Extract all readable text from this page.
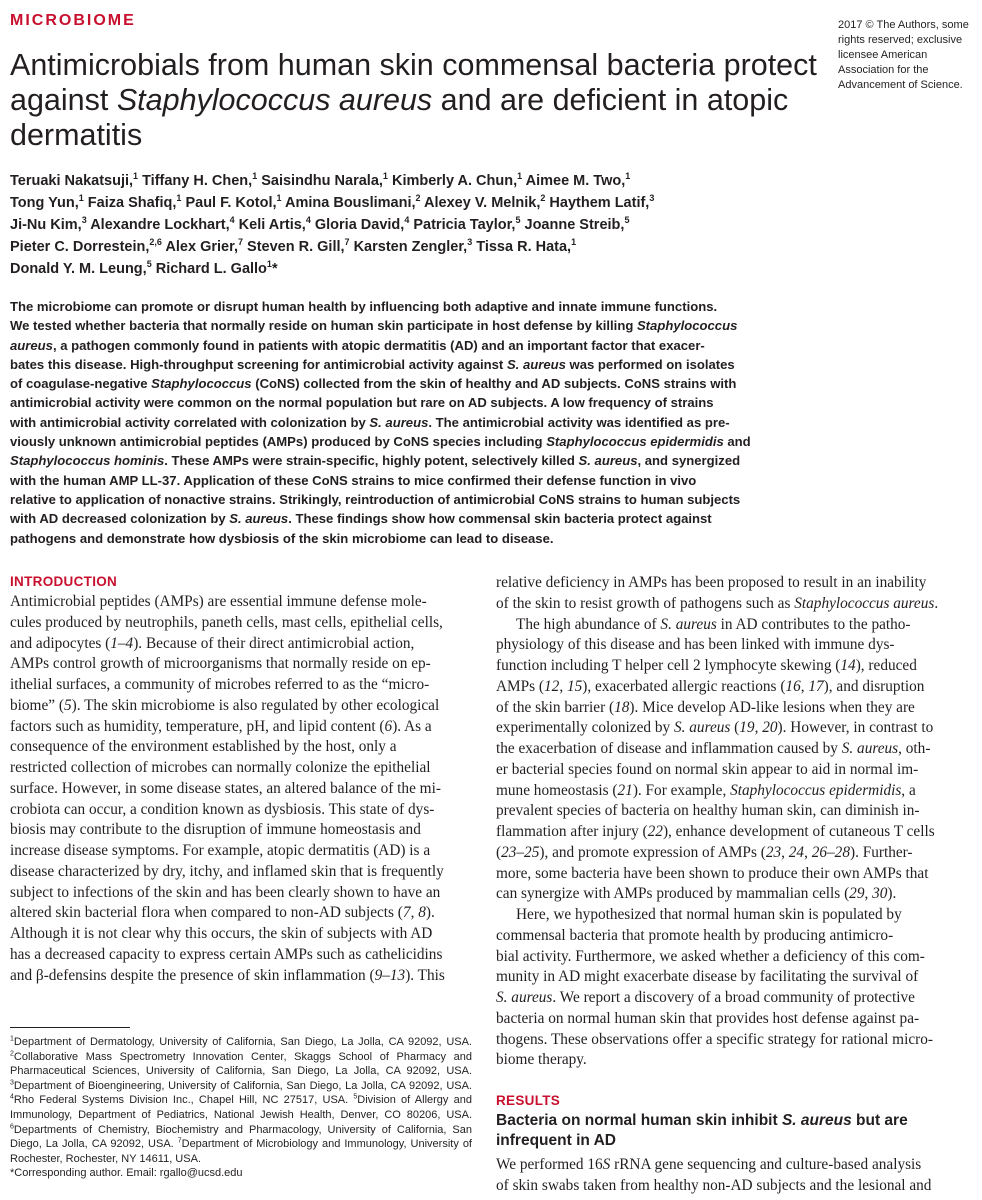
MICROBIOME	2017 © The Authors, some rights reserved; exclusive licensee American Association for the Advancement of Science.
Antimicrobials from human skin commensal bacteria protect against Staphylococcus aureus and are deficient in atopic dermatitis
Teruaki Nakatsuji,$^1$ Tiffany H. Chen,$^1$ Saisindhu Narala,$^1$ Kimberly A. Chun,$^1$ Aimee M. Two,$^1$
Tong Yun,$^1$ Faiza Shafiq,$^1$ Paul F. Kotol,$^1$ Amina Bouslimani,$^2$ Alexey V. Melnik,$^2$ Haythem Latif,$^3$
Ji-Nu Kim,$^3$ Alexandre Lockhart,$^4$ Keli Artis,$^4$ Gloria David,$^4$ Patricia Taylor,$^5$ Joanne Streib,$^5$
Pieter C. Dorrestein,$^{2,6}$ Alex Grier,$^7$ Steven R. Gill,$^7$ Karsten Zengler,$^3$ Tissa R. Hata,$^1$
Donald Y. M. Leung,$^5$ Richard L. Gallo$^1$*
The microbiome can promote or disrupt human health by influencing both adaptive and innate immune functions.
We tested whether bacteria that normally reside on human skin participate in host defense by killing Staphylococcus
aureus, a pathogen commonly found in patients with atopic dermatitis (AD) and an important factor that exacer-
bates this disease. High-throughput screening for antimicrobial activity against S. aureus was performed on isolates
of coagulase-negative Staphylococcus (CoNS) collected from the skin of healthy and AD subjects. CoNS strains with
antimicrobial activity were common on the normal population but rare on AD subjects. A low frequency of strains
with antimicrobial activity correlated with colonization by S. aureus. The antimicrobial activity was identified as pre-
viously unknown antimicrobial peptides (AMPs) produced by CoNS species including Staphylococcus epidermidis and
Staphylococcus hominis. These AMPs were strain-specific, highly potent, selectively killed S. aureus, and synergized
with the human AMP LL-37. Application of these CoNS strains to mice confirmed their defense function in vivo
relative to application of nonactive strains. Strikingly, reintroduction of antimicrobial CoNS strains to human subjects
with AD decreased colonization by S. aureus. These findings show how commensal skin bacteria protect against
pathogens and demonstrate how dysbiosis of the skin microbiome can lead to disease.
INTRODUCTION

Antimicrobial peptides (AMPs) are essential immune defense mole-
cules produced by neutrophils, paneth cells, mast cells, epithelial cells,
and adipocytes (1–4). Because of their direct antimicrobial action,
AMPs control growth of microorganisms that normally reside on ep-
ithelial surfaces, a community of microbes referred to as the “micro-
biome” (5). The skin microbiome is also regulated by other ecological
factors such as humidity, temperature, pH, and lipid content (6). As a
consequence of the environment established by the host, only a
restricted collection of microbes can normally colonize the epithelial
surface. However, in some disease states, an altered balance of the mi-
crobiota can occur, a condition known as dysbiosis. This state of dys-
biosis may contribute to the disruption of immune homeostasis and
increase disease symptoms. For example, atopic dermatitis (AD) is a
disease characterized by dry, itchy, and inflamed skin that is frequently
subject to infections of the skin and has been clearly shown to have an
altered skin bacterial flora when compared to non-AD subjects (7, 8).
Although it is not clear why this occurs, the skin of subjects with AD
has a decreased capacity to express certain AMPs such as cathelicidins
and β-defensins despite the presence of skin inflammation (9–13). This

relative deficiency in AMPs has been proposed to result in an inability
of the skin to resist growth of pathogens such as Staphylococcus aureus.

The high abundance of S. aureus in AD contributes to the patho-
physiology of this disease and has been linked with immune dys-
function including T helper cell 2 lymphocyte skewing (14), reduced
AMPs (12, 15), exacerbated allergic reactions (16, 17), and disruption
of the skin barrier (18). Mice develop AD-like lesions when they are
experimentally colonized by S. aureus (19, 20). However, in contrast to
the exacerbation of disease and inflammation caused by S. aureus, oth-
er bacterial species found on normal skin appear to aid in normal im-
mune homeostasis (21). For example, Staphylococcus epidermidis, a
prevalent species of bacteria on healthy human skin, can diminish in-
flammation after injury (22), enhance development of cutaneous T cells
(23–25), and promote expression of AMPs (23, 24, 26–28). Further-
more, some bacteria have been shown to produce their own AMPs that
can synergize with AMPs produced by mammalian cells (29, 30).

Here, we hypothesized that normal human skin is populated by
commensal bacteria that promote health by producing antimicro-
bial activity. Furthermore, we asked whether a deficiency of this com-
munity in AD might exacerbate disease by facilitating the survival of
S. aureus. We report a discovery of a broad community of protective
bacteria on normal human skin that provides host defense against pa-
thogens. These observations offer a specific strategy for rational micro-
biome therapy.

RESULTS
Bacteria on normal human skin inhibit S. aureus but are
infrequent in AD
We performed 16S rRNA gene sequencing and culture-based analysis
of skin swabs taken from healthy non-AD subjects and the lesional and
$^1$Department of Dermatology, University of California, San Diego, La Jolla, CA 92092, USA. $^2$Collaborative Mass Spectrometry Innovation Center, Skaggs School of Pharmacy and Pharmaceutical Sciences, University of California, San Diego, La Jolla, CA 92092, USA. $^3$Department of Bioengineering, University of California, San Diego, La Jolla, CA 92092, USA. $^4$Rho Federal Systems Division Inc., Chapel Hill, NC 27517, USA. $^5$Division of Allergy and Immunology, Department of Pediatrics, National Jewish Health, Denver, CO 80206, USA. $^6$Departments of Chemistry, Biochemistry and Pharmacology, University of California, San Diego, La Jolla, CA 92092, USA. $^7$Department of Microbiology and Immunology, University of Rochester, Rochester, NY 14611, USA.
*Corresponding author. Email: rgallo@ucsd.edu
